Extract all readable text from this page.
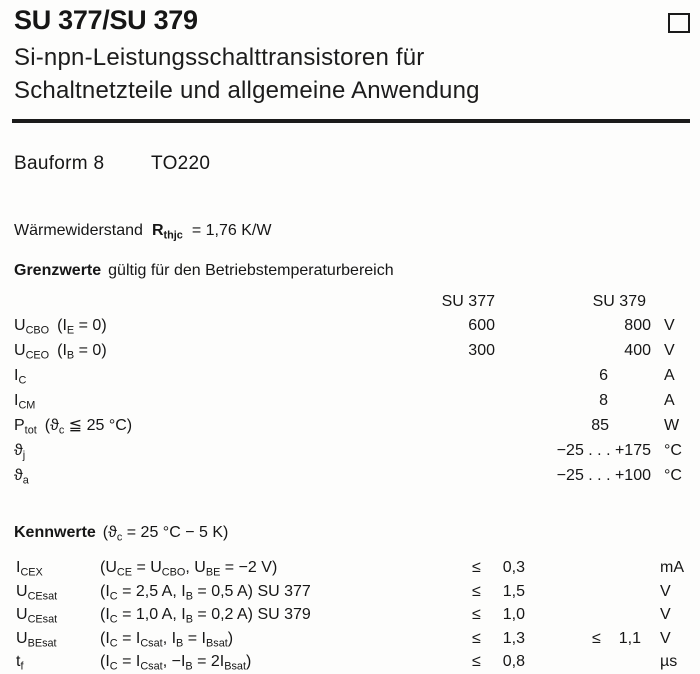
SU 377/SU 379
Si-npn-Leistungsschalttransistoren für
Schaltnetzteile und allgemeine Anwendung
Bauform 8 TO220
Wärmewiderstand $R_{thjc} = 1,76$ K/W
Grenzwerte gültig für den Betriebstemperaturbereich
SU 377	SU 379
$U_{CBO}$ $(I_E = 0)$	600	800 V
$U_{CEO}$ $(I_B = 0)$	300	400 V
$I_C$	6	A
$I_{CM}$	8	A
$P_{tot}$ ($ϑ_c$ ≦ 25 °C)	85	W
$ϑ_j$	−25 . . . +175 °C
$ϑ_a$	−25 . . . +100 °C
Kennwerte ($ϑ_c = 25$ °C − 5 K)
$I_{CEX}$	($U_{CE} = U_{CBO}$, $U_{BE} = -2$ V)	≤ 0,3	mA
$U_{CEsat}$	($I_C = 2,5$ A, $I_B = 0,5$ A) SU 377	≤ 1,5	V
$U_{CEsat}$	($I_C = 1,0$ A, $I_B = 0,2$ A) SU 379	≤ 1,0	V
$U_{BEsat}$	($I_C = I_{Csat}$, $I_B = I_{Bsat}$)	≤ 1,3	≤ 1,1 V
$t_f$	($I_C = I_{Csat}$, $-I_B = 2I_{Bsat}$)	≤ 0,8	µs
